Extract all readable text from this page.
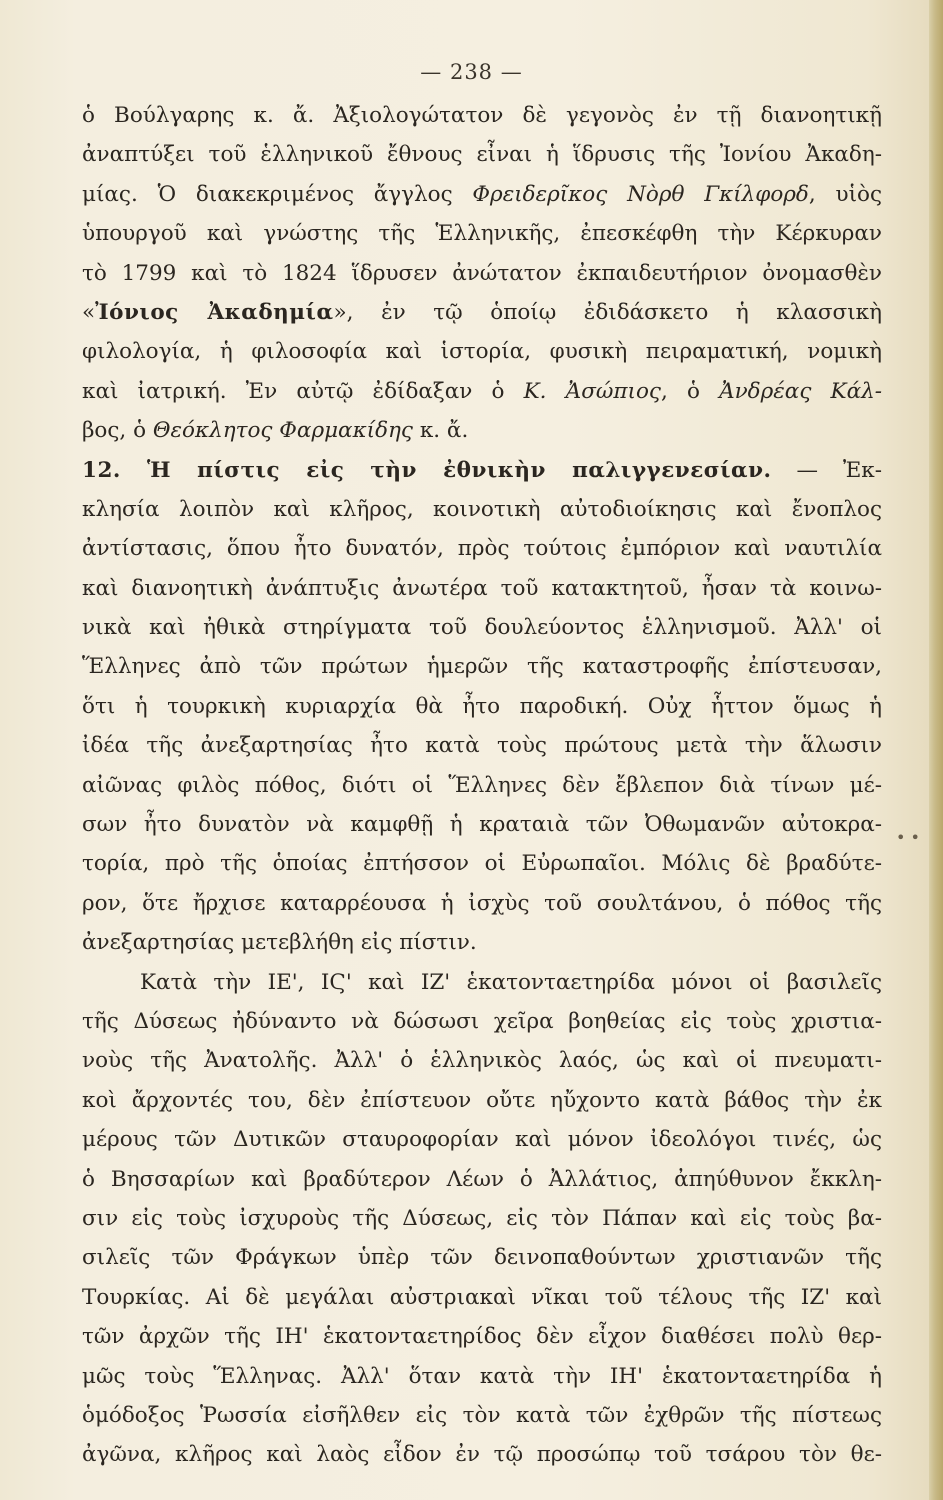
— 238 —
• •
ὁ Βούλγαρης κ. ἄ. Ἀξιολογώτατον δὲ γεγονὸς ἐν τῇ διανοητικῇ
ἀναπτύξει τοῦ ἑλληνικοῦ ἔθνους εἶναι ἡ ἵδρυσις τῆς Ἰονίου Ἀκαδη-
μίας. Ὁ διακεκριμένος ἄγγλος Φρειδερῖκος Νὸρθ Γκίλφορδ, υἱὸς
ὑπουργοῦ καὶ γνώστης τῆς Ἑλληνικῆς, ἐπεσκέφθη τὴν Κέρκυραν
τὸ 1799 καὶ τὸ 1824 ἵδρυσεν ἀνώτατον ἐκπαιδευτήριον ὀνομασθὲν
«Ἰόνιος Ἀκαδημία», ἐν τῷ ὁποίῳ ἐδιδάσκετο ἡ κλασσικὴ
φιλολογία, ἡ φιλοσοφία καὶ ἱστορία, φυσικὴ πειραματική, νομικὴ
καὶ ἰατρική. Ἐν αὐτῷ ἐδίδαξαν ὁ Κ. Ἀσώπιος, ὁ Ἀνδρέας Κάλ-
βος, ὁ Θεόκλητος Φαρμακίδης κ. ἄ.
12. Ἡ πίστις εἰς τὴν ἐθνικὴν παλιγγενεσίαν. — Ἐκ-
κλησία λοιπὸν καὶ κλῆρος, κοινοτικὴ αὐτοδιοίκησις καὶ ἔνοπλος
ἀντίστασις, ὅπου ἦτο δυνατόν, πρὸς τούτοις ἐμπόριον καὶ ναυτιλία
καὶ διανοητικὴ ἀνάπτυξις ἀνωτέρα τοῦ κατακτητοῦ, ἦσαν τὰ κοινω-
νικὰ καὶ ἠθικὰ στηρίγματα τοῦ δουλεύοντος ἑλληνισμοῦ. Ἀλλ' οἱ
Ἕλληνες ἀπὸ τῶν πρώτων ἡμερῶν τῆς καταστροφῆς ἐπίστευσαν,
ὅτι ἡ τουρκικὴ κυριαρχία θὰ ἦτο παροδική. Οὐχ ἧττον ὅμως ἡ
ἰδέα τῆς ἀνεξαρτησίας ἦτο κατὰ τοὺς πρώτους μετὰ τὴν ἅλωσιν
αἰῶνας φιλὸς πόθος, διότι οἱ Ἕλληνες δὲν ἔβλεπον διὰ τίνων μέ-
σων ἦτο δυνατὸν νὰ καμφθῇ ἡ κραταιὰ τῶν Ὀθωμανῶν αὐτοκρα-
τορία, πρὸ τῆς ὁποίας ἐπτήσσον οἱ Εὐρωπαῖοι. Μόλις δὲ βραδύτε-
ρον, ὅτε ἤρχισε καταρρέουσα ἡ ἰσχὺς τοῦ σουλτάνου, ὁ πόθος τῆς
ἀνεξαρτησίας μετεβλήθη εἰς πίστιν.
Κατὰ τὴν ΙΕ', ΙϚ' καὶ ΙΖ' ἑκατονταετηρίδα μόνοι οἱ βασιλεῖς
τῆς Δύσεως ἠδύναντο νὰ δώσωσι χεῖρα βοηθείας εἰς τοὺς χριστια-
νοὺς τῆς Ἀνατολῆς. Ἀλλ' ὁ ἑλληνικὸς λαός, ὡς καὶ οἱ πνευματι-
κοὶ ἄρχοντές του, δὲν ἐπίστευον οὔτε ηὔχοντο κατὰ βάθος τὴν ἐκ
μέρους τῶν Δυτικῶν σταυροφορίαν καὶ μόνον ἰδεολόγοι τινές, ὡς
ὁ Βησσαρίων καὶ βραδύτερον Λέων ὁ Ἀλλάτιος, ἀπηύθυνον ἔκκλη-
σιν εἰς τοὺς ἰσχυροὺς τῆς Δύσεως, εἰς τὸν Πάπαν καὶ εἰς τοὺς βα-
σιλεῖς τῶν Φράγκων ὑπὲρ τῶν δεινοπαθούντων χριστιανῶν τῆς
Τουρκίας. Αἱ δὲ μεγάλαι αὐστριακαὶ νῖκαι τοῦ τέλους τῆς ΙΖ' καὶ
τῶν ἀρχῶν τῆς ΙΗ' ἑκατονταετηρίδος δὲν εἶχον διαθέσει πολὺ θερ-
μῶς τοὺς Ἕλληνας. Ἀλλ' ὅταν κατὰ τὴν ΙΗ' ἑκατονταετηρίδα ἡ
ὁμόδοξος Ῥωσσία εἰσῆλθεν εἰς τὸν κατὰ τῶν ἐχθρῶν τῆς πίστεως
ἀγῶνα, κλῆρος καὶ λαὸς εἶδον ἐν τῷ προσώπῳ τοῦ τσάρου τὸν θε-
